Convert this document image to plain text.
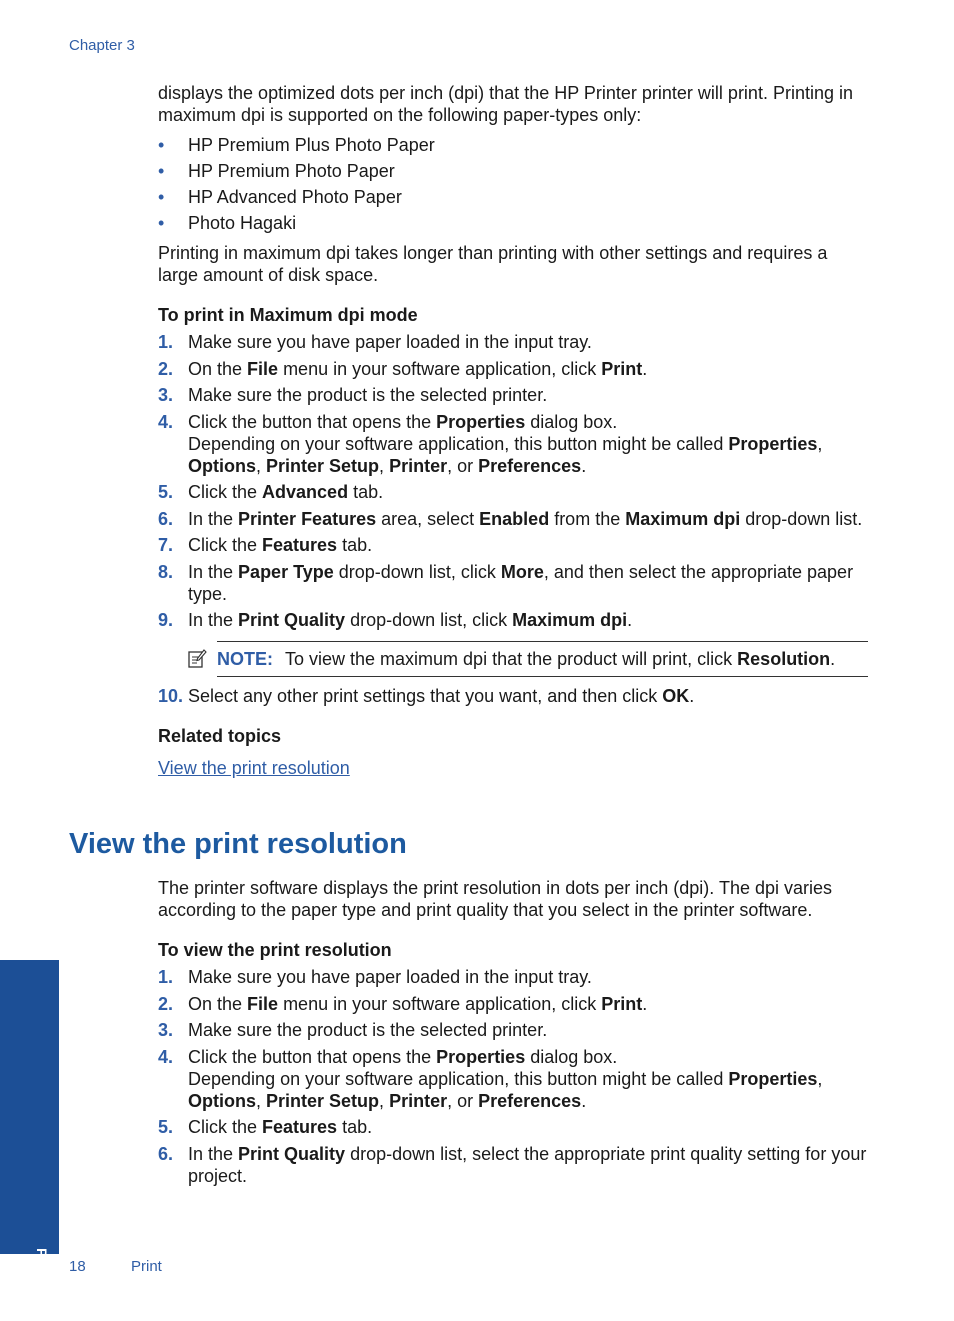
Chapter 3

displays the optimized dots per inch (dpi) that the HP Printer printer will print. Printing in maximum dpi is supported on the following paper-types only:

• HP Premium Plus Photo Paper
• HP Premium Photo Paper
• HP Advanced Photo Paper
• Photo Hagaki

Printing in maximum dpi takes longer than printing with other settings and requires a large amount of disk space.

To print in Maximum dpi mode

1. Make sure you have paper loaded in the input tray.
2. On the File menu in your software application, click Print.
3. Make sure the product is the selected printer.
4. Click the button that opens the Properties dialog box.
Depending on your software application, this button might be called Properties, Options, Printer Setup, Printer, or Preferences.
5. Click the Advanced tab.
6. In the Printer Features area, select Enabled from the Maximum dpi drop-down list.
7. Click the Features tab.
8. In the Paper Type drop-down list, click More, and then select the appropriate paper type.
9. In the Print Quality drop-down list, click Maximum dpi.
NOTE: To view the maximum dpi that the product will print, click Resolution.
10. Select any other print settings that you want, and then click OK.

Related topics

View the print resolution
View the print resolution

The printer software displays the print resolution in dots per inch (dpi). The dpi varies according to the paper type and print quality that you select in the printer software.

To view the print resolution

1. Make sure you have paper loaded in the input tray.
2. On the File menu in your software application, click Print.
3. Make sure the product is the selected printer.
4. Click the button that opens the Properties dialog box.
Depending on your software application, this button might be called Properties, Options, Printer Setup, Printer, or Preferences.
5. Click the Features tab.
6. In the Print Quality drop-down list, select the appropriate print quality setting for your project.
Print 18	Print
